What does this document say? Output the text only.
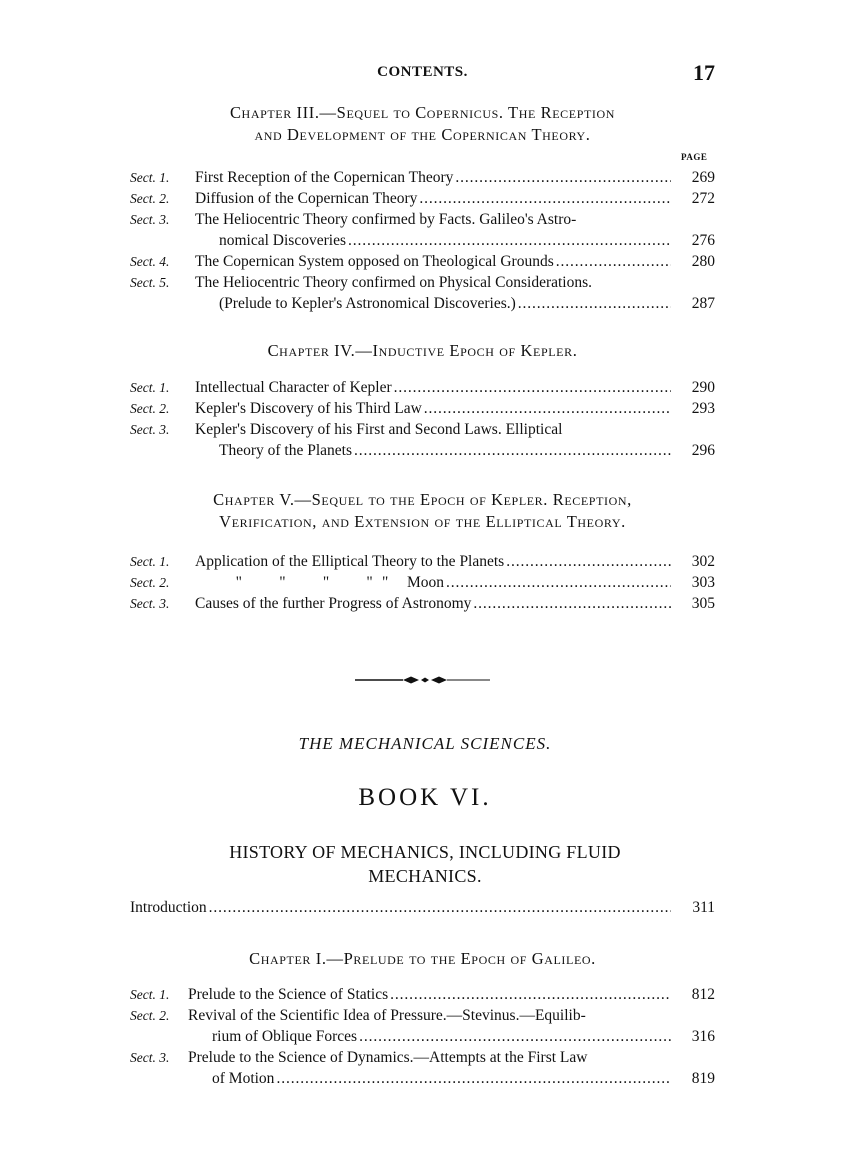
CONTENTS.	17
Chapter III.—Sequel to Copernicus. The Reception
and Development of the Copernican Theory.
PAGE
Sect. 1.	First Reception of the Copernican Theory . . .	269
Sect. 2.	Diffusion of the Copernican Theory . . .	272
Sect. 3.	The Heliocentric Theory confirmed by Facts. Galileo's Astro-
nomical Discoveries . . .	276
Sect. 4.	The Copernican System opposed on Theological Grounds . . .	280
Sect. 5.	The Heliocentric Theory confirmed on Physical Considerations.
(Prelude to Kepler's Astronomical Discoveries.) . . .	287
Chapter IV.—Inductive Epoch of Kepler.
Sect. 1.	Intellectual Character of Kepler . . .	290
Sect. 2.	Kepler's Discovery of his Third Law . . .	293
Sect. 3.	Kepler's Discovery of his First and Second Laws. Elliptical
Theory of the Planets . . .	296
Chapter V.—Sequel to the Epoch of Kepler. Reception,
Verification, and Extension of the Elliptical Theory.
Sect. 1.	Application of the Elliptical Theory to the Planets . . .	302
Sect. 2.	" " " " " Moon . . .	303
Sect. 3.	Causes of the further Progress of Astronomy . . .	305
THE MECHANICAL SCIENCES.
BOOK VI.
HISTORY OF MECHANICS, INCLUDING FLUID
MECHANICS.
Introduction . . .	311
Chapter I.—Prelude to the Epoch of Galileo.
Sect. 1.	Prelude to the Science of Statics . . .	812
Sect. 2.	Revival of the Scientific Idea of Pressure.—Stevinus.—Equilib-
rium of Oblique Forces . . .	316
Sect. 3.	Prelude to the Science of Dynamics.—Attempts at the First Law
of Motion . . .	819
